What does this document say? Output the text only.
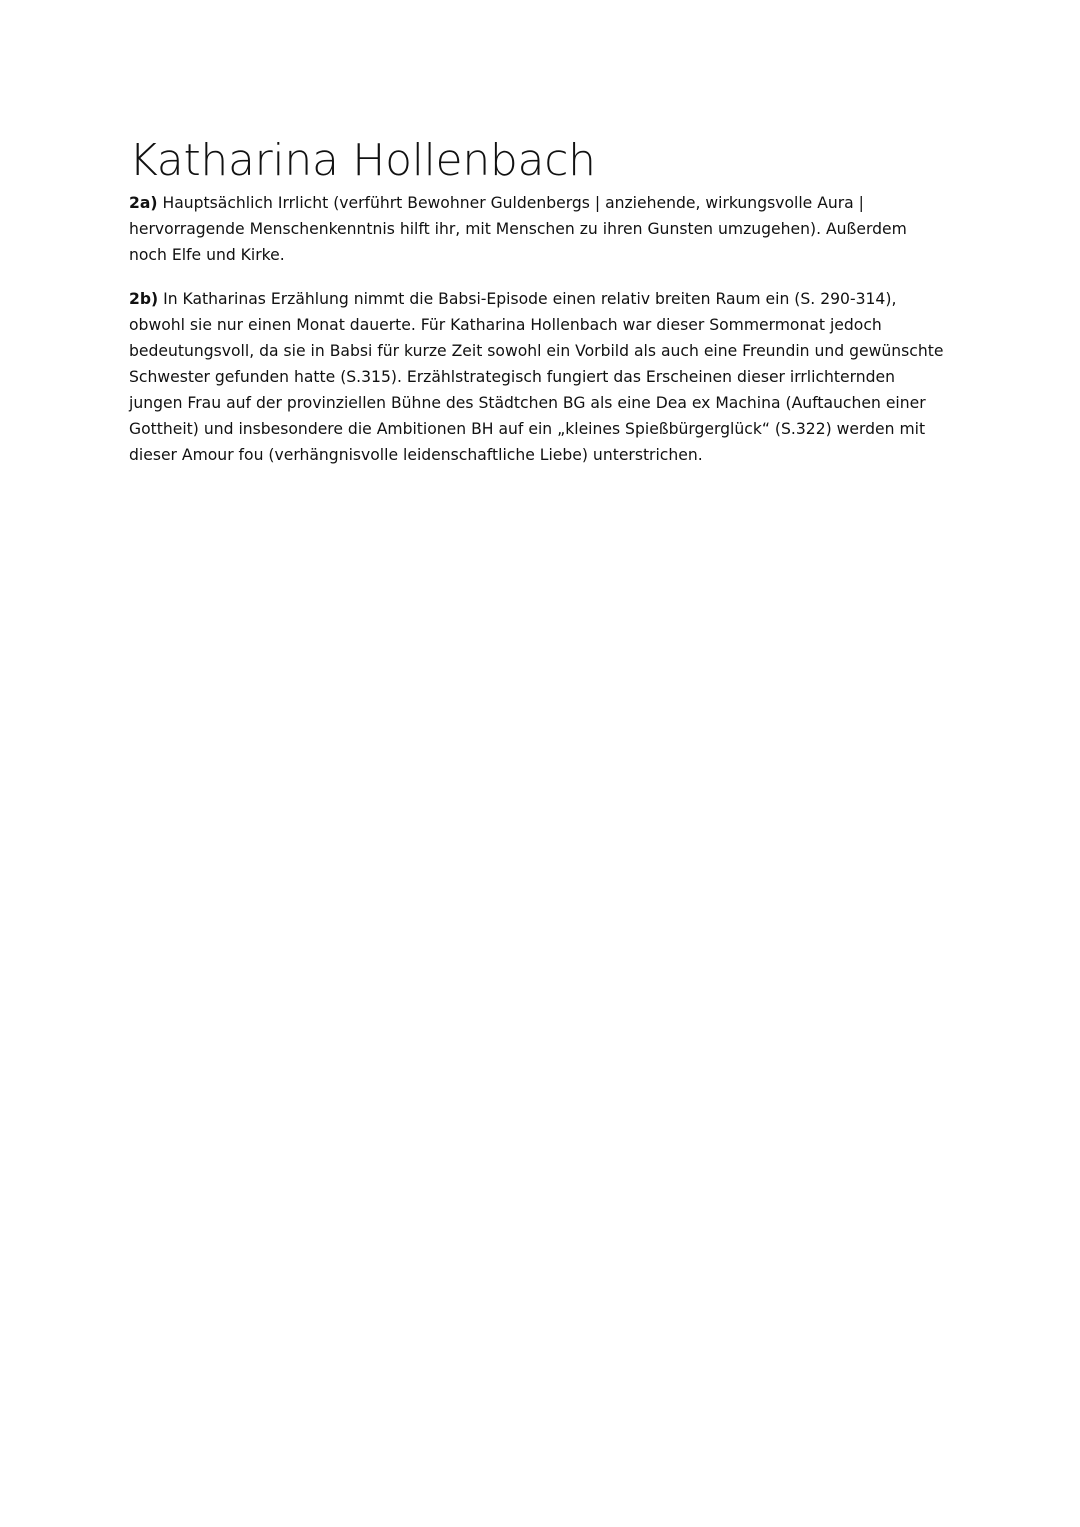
Katharina Hollenbach

2a) Hauptsächlich Irrlicht (verführt Bewohner Guldenbergs | anziehende, wirkungsvolle Aura | hervorragende Menschenkenntnis hilft ihr, mit Menschen zu ihren Gunsten umzugehen). Außerdem noch Elfe und Kirke.

2b) In Katharinas Erzählung nimmt die Babsi-Episode einen relativ breiten Raum ein (S. 290-314), obwohl sie nur einen Monat dauerte. Für Katharina Hollenbach war dieser Sommermonat jedoch bedeutungsvoll, da sie in Babsi für kurze Zeit sowohl ein Vorbild als auch eine Freundin und gewünschte Schwester gefunden hatte (S.315). Erzählstrategisch fungiert das Erscheinen dieser irrlichternden jungen Frau auf der provinziellen Bühne des Städtchen BG als eine Dea ex Machina (Auftauchen einer Gottheit) und insbesondere die Ambitionen BH auf ein „kleines Spießbürgerglück“ (S.322) werden mit dieser Amour fou (verhängnisvolle leidenschaftliche Liebe) unterstrichen.
